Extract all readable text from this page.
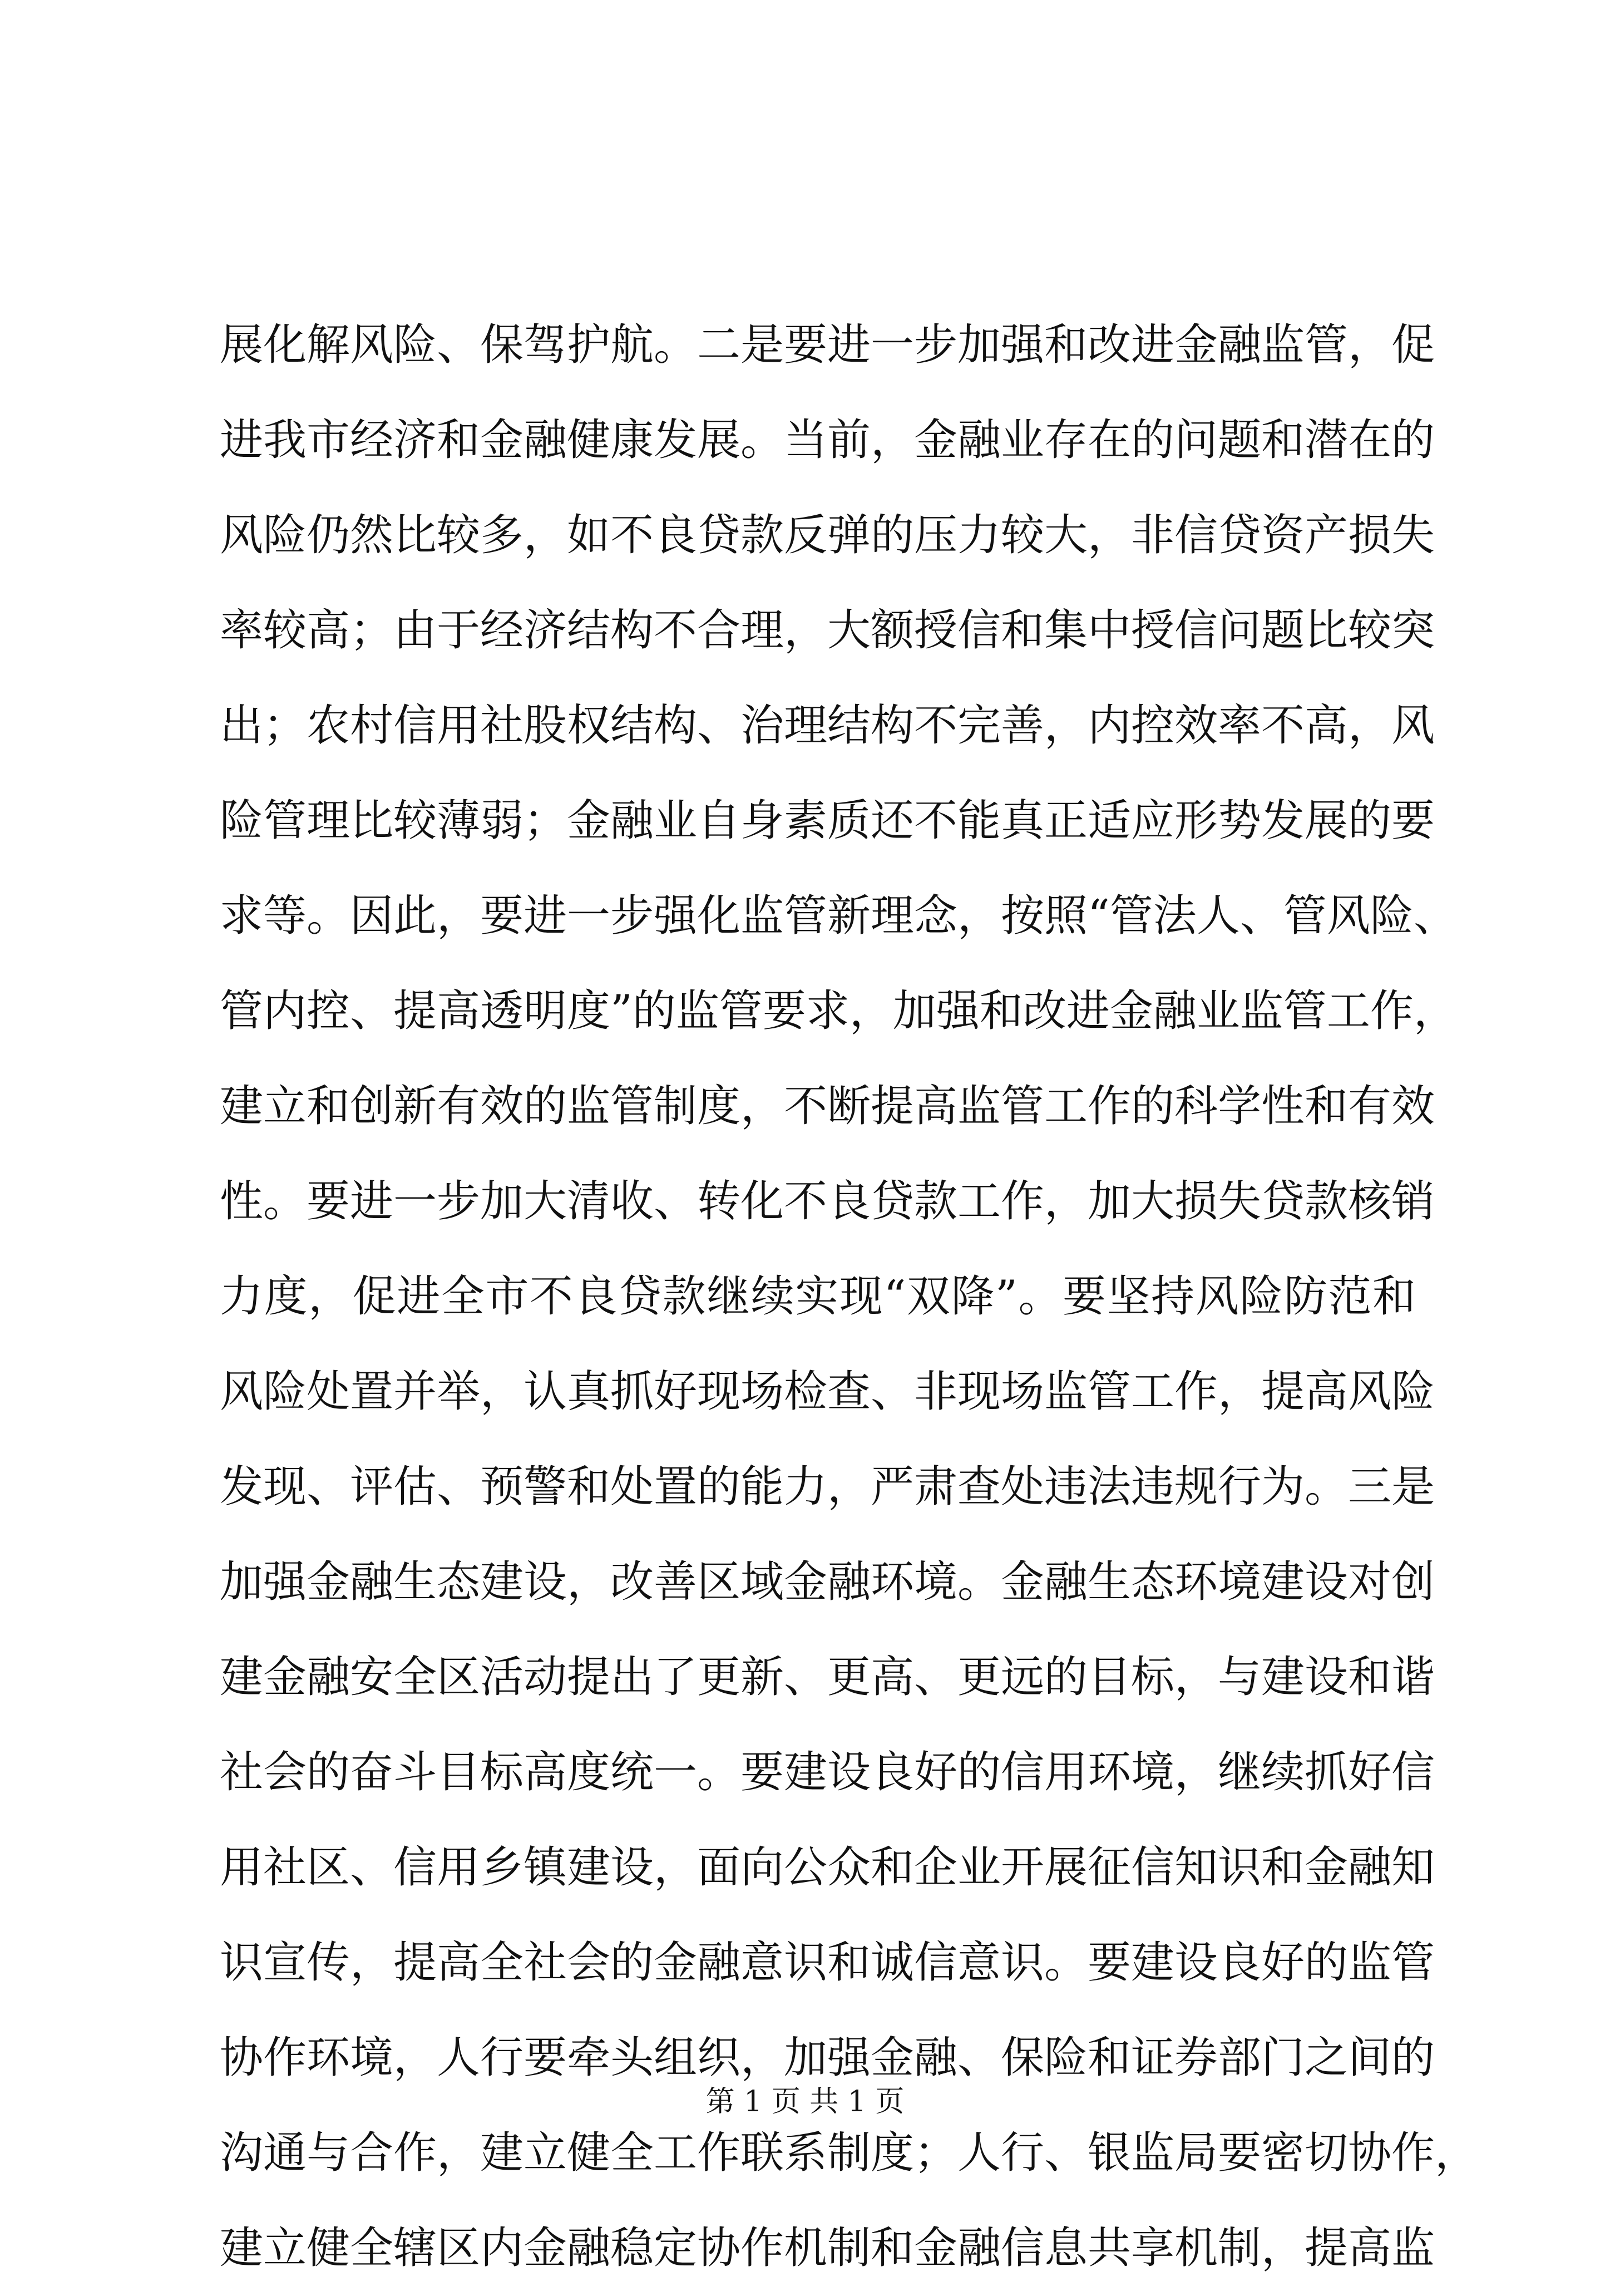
展化解风险、保驾护航。二是要进一步加强和改进金融监管，促
进我市经济和金融健康发展。当前，金融业存在的问题和潜在的
风险仍然比较多，如不良贷款反弹的压力较大，非信贷资产损失
率较高；由于经济结构不合理，大额授信和集中授信问题比较突
出；农村信用社股权结构、治理结构不完善，内控效率不高，风
险管理比较薄弱；金融业自身素质还不能真正适应形势发展的要
求等。因此，要进一步强化监管新理念，按照“管法人、管风险、
管内控、提高透明度”的监管要求，加强和改进金融业监管工作，
建立和创新有效的监管制度，不断提高监管工作的科学性和有效
性。要进一步加大清收、转化不良贷款工作，加大损失贷款核销
力度，促进全市不良贷款继续实现“双降”。要坚持风险防范和
风险处置并举，认真抓好现场检查、非现场监管工作，提高风险
发现、评估、预警和处置的能力，严肃查处违法违规行为。三是
加强金融生态建设，改善区域金融环境。金融生态环境建设对创
建金融安全区活动提出了更新、更高、更远的目标，与建设和谐
社会的奋斗目标高度统一。要建设良好的信用环境，继续抓好信
用社区、信用乡镇建设，面向公众和企业开展征信知识和金融知
识宣传，提高全社会的金融意识和诚信意识。要建设良好的监管
协作环境，人行要牵头组织，加强金融、保险和证券部门之间的
沟通与合作，建立健全工作联系制度；人行、银监局要密切协作，
建立健全辖区内金融稳定协作机制和金融信息共享机制，提高监
第 1 页 共 1 页
